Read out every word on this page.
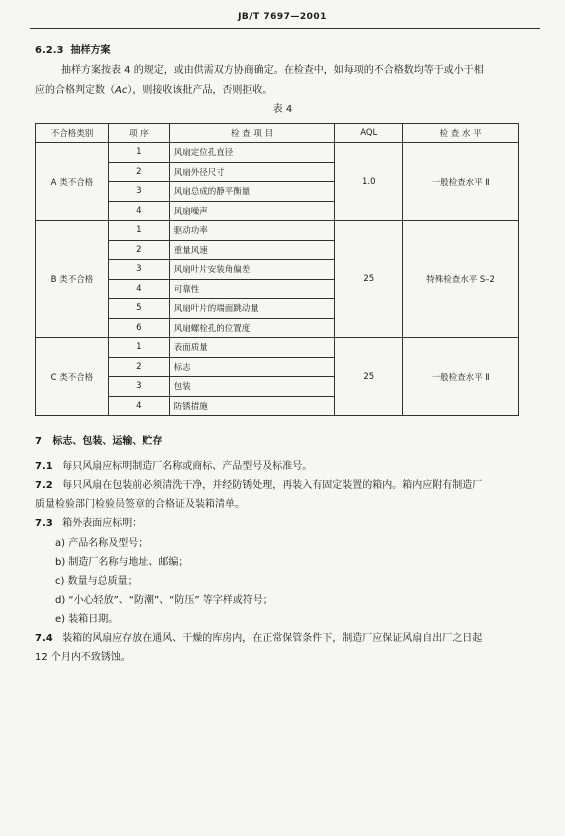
JB/T 7697—2001
6.2.3 抽样方案
抽样方案按表 4 的规定，或由供需双方协商确定。在检查中，如每项的不合格数均等于或小于相
应的合格判定数（Ac），则接收该批产品，否则拒收。
表 4
不合格类别	项 序	检 查 项 目	AQL	检 查 水 平
A 类不合格	1	风扇定位孔直径	1.0	一般检查水平 Ⅱ
	2	风扇外径尺寸		
	3	风扇总成的静平衡量		
	4	风扇噪声		
B 类不合格	1	驱动功率	25	特殊检查水平 S–2
	2	重量风速		
	3	风扇叶片安装角偏差		
	4	可靠性		
	5	风扇叶片的端面跳动量		
	6	风扇螺栓孔的位置度		
C 类不合格	1	表面质量	25	一般检查水平 Ⅱ
	2	标志		
	3	包装		
	4	防锈措施		
7 标志、包装、运输、贮存
7.1 每只风扇应标明制造厂名称或商标、产品型号及标准号。
7.2 每只风扇在包装前必须清洗干净，并经防锈处理，再装入有固定装置的箱内。箱内应附有制造厂
质量检验部门检验员签章的合格证及装箱清单。
7.3 箱外表面应标明：
a) 产品名称及型号；
b) 制造厂名称与地址、邮编；
c) 数量与总质量；
d) “小心轻放”、“防潮”、“防压” 等字样或符号；
e) 装箱日期。
7.4 装箱的风扇应存放在通风、干燥的库房内，在正常保管条件下，制造厂应保证风扇自出厂之日起
12 个月内不致锈蚀。
